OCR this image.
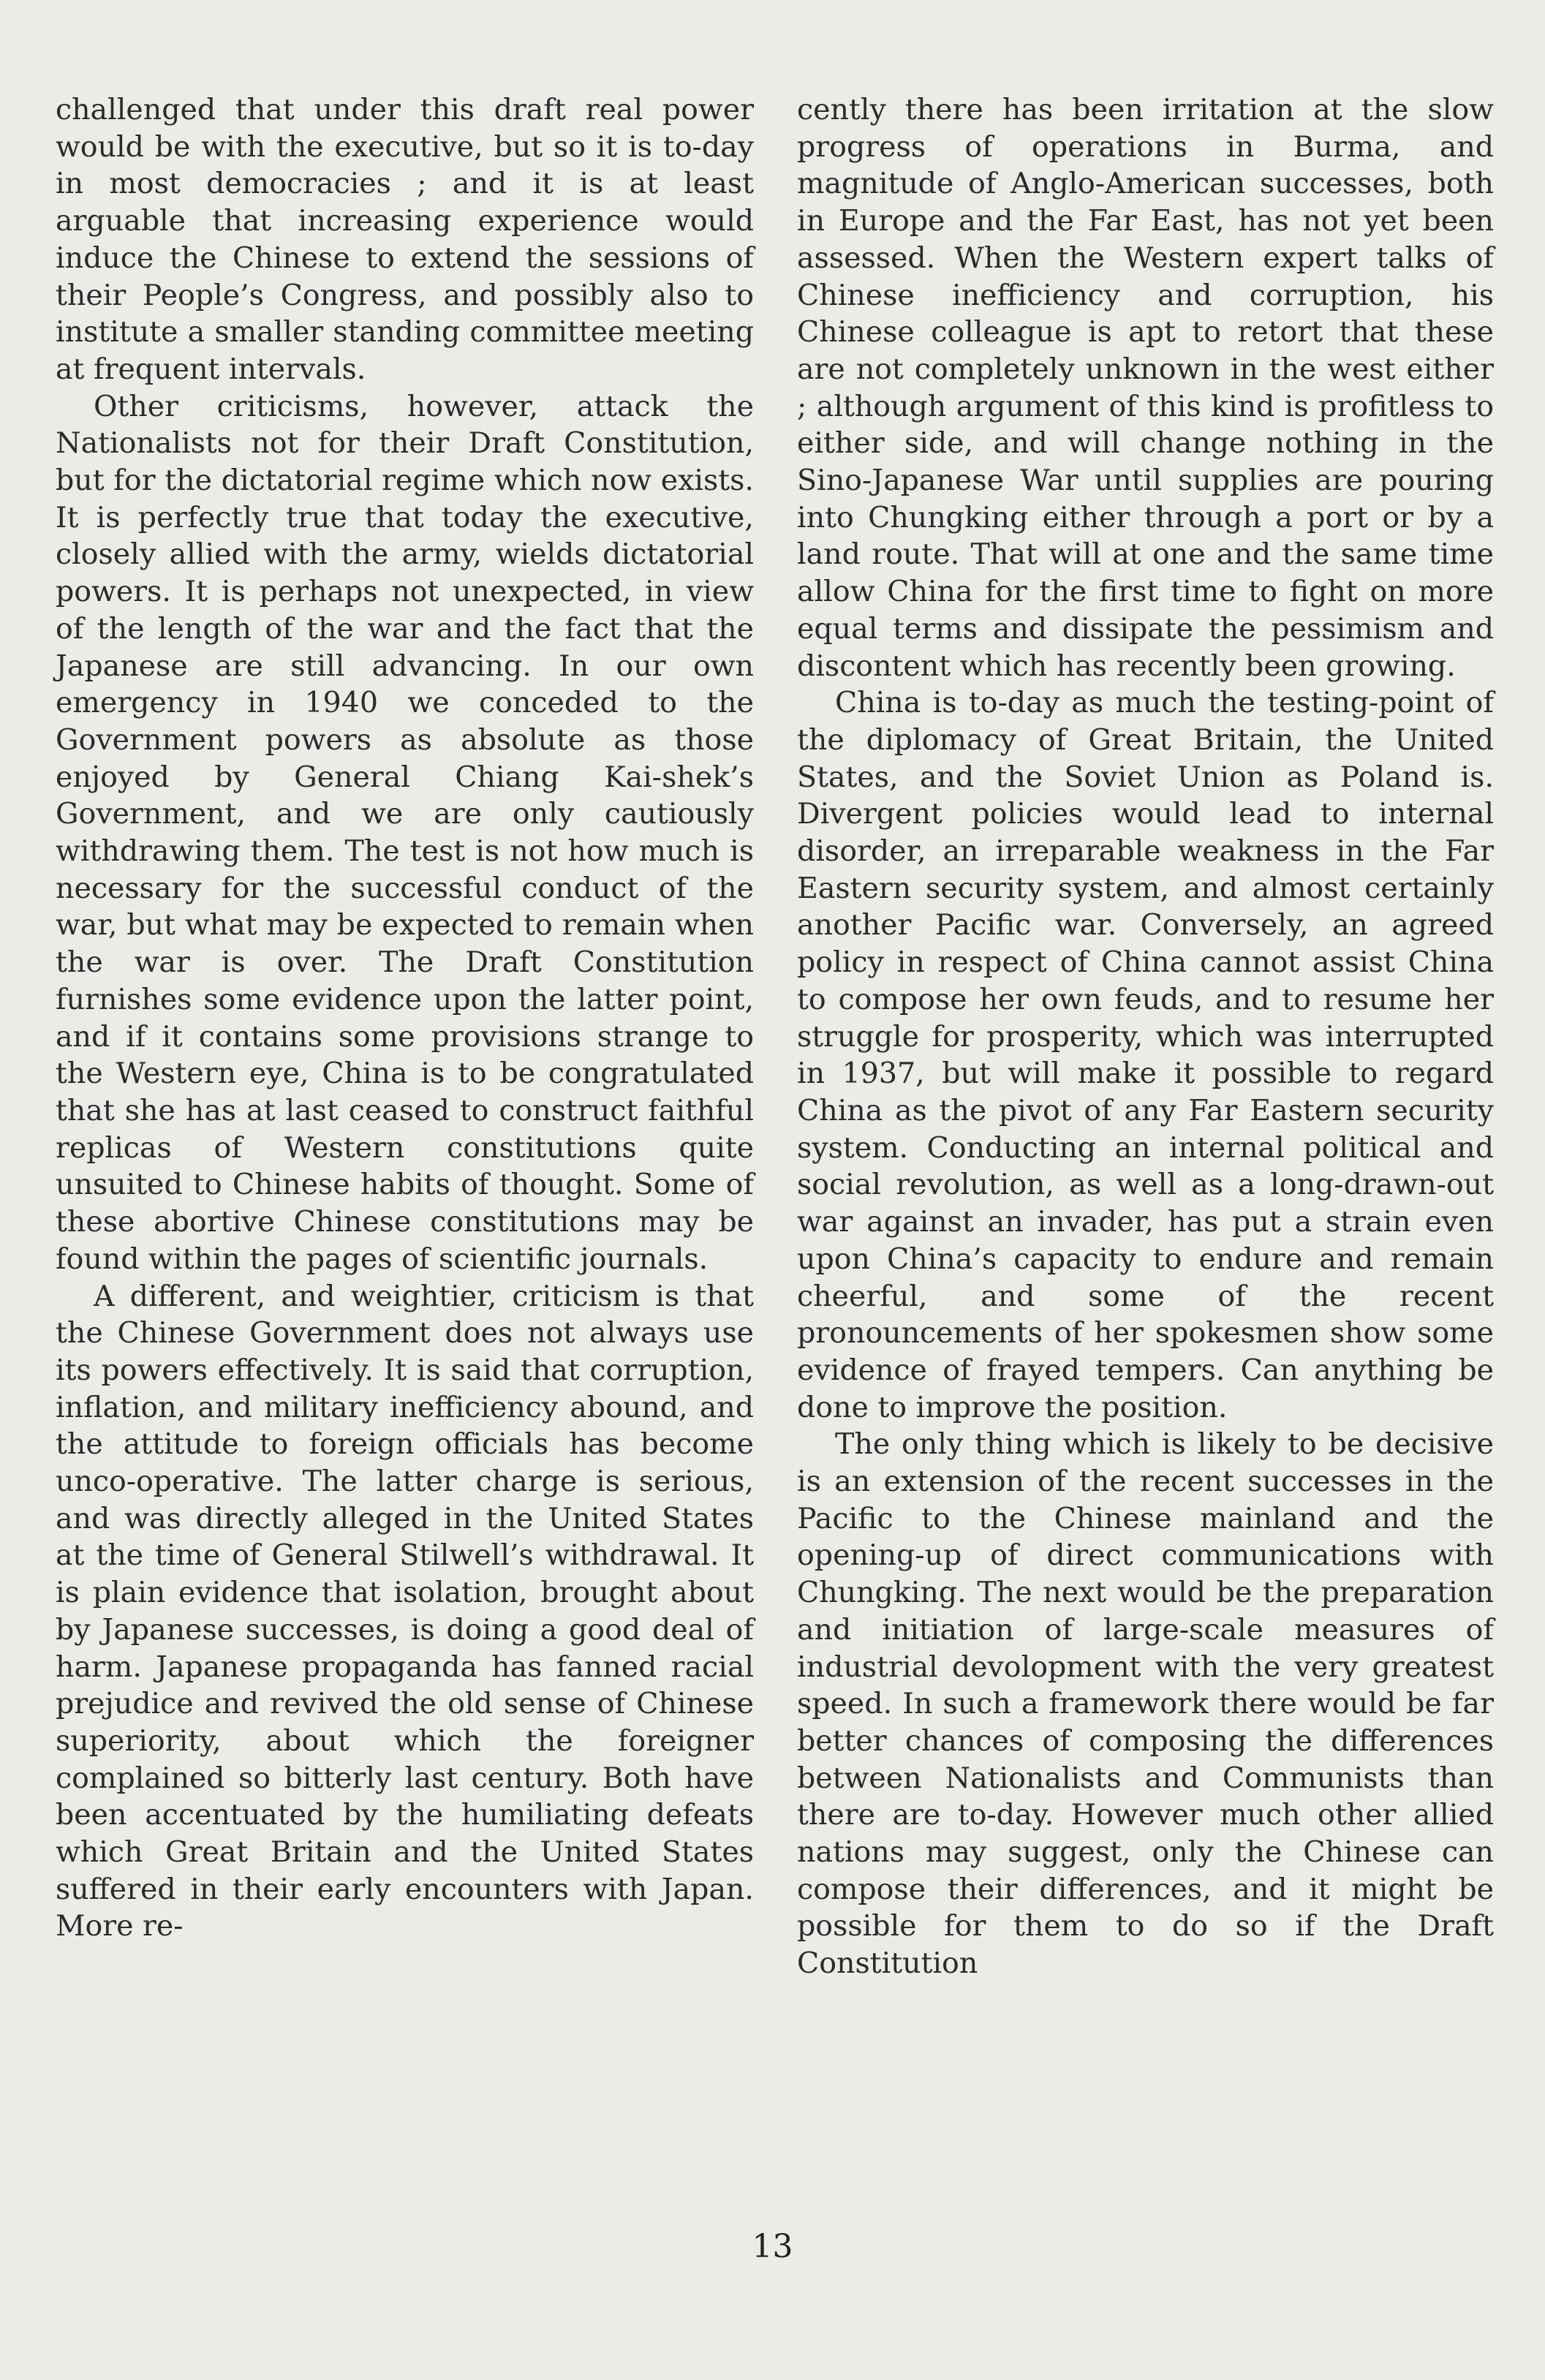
challenged that under this draft real power would be with the executive, but so it is to-day in most democracies ; and it is at least arguable that increasing experience would induce the Chinese to extend the sessions of their People’s Congress, and possibly also to institute a smaller standing committee meeting at frequent intervals.

Other criticisms, however, attack the Nationalists not for their Draft Constitution, but for the dictatorial regime which now exists. It is perfectly true that today the executive, closely allied with the army, wields dictatorial powers. It is perhaps not unexpected, in view of the length of the war and the fact that the Japanese are still advancing. In our own emergency in 1940 we conceded to the Government powers as absolute as those enjoyed by General Chiang Kai-shek’s Government, and we are only cautiously withdrawing them. The test is not how much is necessary for the successful conduct of the war, but what may be expected to remain when the war is over. The Draft Constitution furnishes some evidence upon the latter point, and if it contains some provisions strange to the Western eye, China is to be congratulated that she has at last ceased to construct faithful replicas of Western constitutions quite unsuited to Chinese habits of thought. Some of these abortive Chinese constitutions may be found within the pages of scientific journals.

A different, and weightier, criticism is that the Chinese Government does not always use its powers effectively. It is said that corruption, inflation, and military inefficiency abound, and the attitude to foreign officials has become unco-operative. The latter charge is serious, and was directly alleged in the United States at the time of General Stilwell’s withdrawal. It is plain evidence that isolation, brought about by Japanese successes, is doing a good deal of harm. Japanese propaganda has fanned racial prejudice and revived the old sense of Chinese superiority, about which the foreigner complained so bitterly last century. Both have been accentuated by the humiliating defeats which Great Britain and the United States suffered in their early encounters with Japan. More re-

cently there has been irritation at the slow progress of operations in Burma, and magnitude of Anglo-American successes, both in Europe and the Far East, has not yet been assessed. When the Western expert talks of Chinese inefficiency and corruption, his Chinese colleague is apt to retort that these are not completely unknown in the west either ; although argument of this kind is profitless to either side, and will change nothing in the Sino-Japanese War until supplies are pouring into Chungking either through a port or by a land route. That will at one and the same time allow China for the first time to fight on more equal terms and dissipate the pessimism and discontent which has recently been growing.

China is to-day as much the testing-point of the diplomacy of Great Britain, the United States, and the Soviet Union as Poland is. Divergent policies would lead to internal disorder, an irreparable weakness in the Far Eastern security system, and almost certainly another Pacific war. Conversely, an agreed policy in respect of China cannot assist China to compose her own feuds, and to resume her struggle for prosperity, which was interrupted in 1937, but will make it possible to regard China as the pivot of any Far Eastern security system. Conducting an internal political and social revolution, as well as a long-drawn-out war against an invader, has put a strain even upon China’s capacity to endure and remain cheerful, and some of the recent pronouncements of her spokesmen show some evidence of frayed tempers. Can anything be done to improve the position.

The only thing which is likely to be decisive is an extension of the recent successes in the Pacific to the Chinese mainland and the opening-up of direct communications with Chungking. The next would be the preparation and initiation of large-scale measures of industrial devolopment with the very greatest speed. In such a framework there would be far better chances of composing the differences between Nationalists and Communists than there are to-day. However much other allied nations may suggest, only the Chinese can compose their differences, and it might be possible for them to do so if the Draft Constitution

13
